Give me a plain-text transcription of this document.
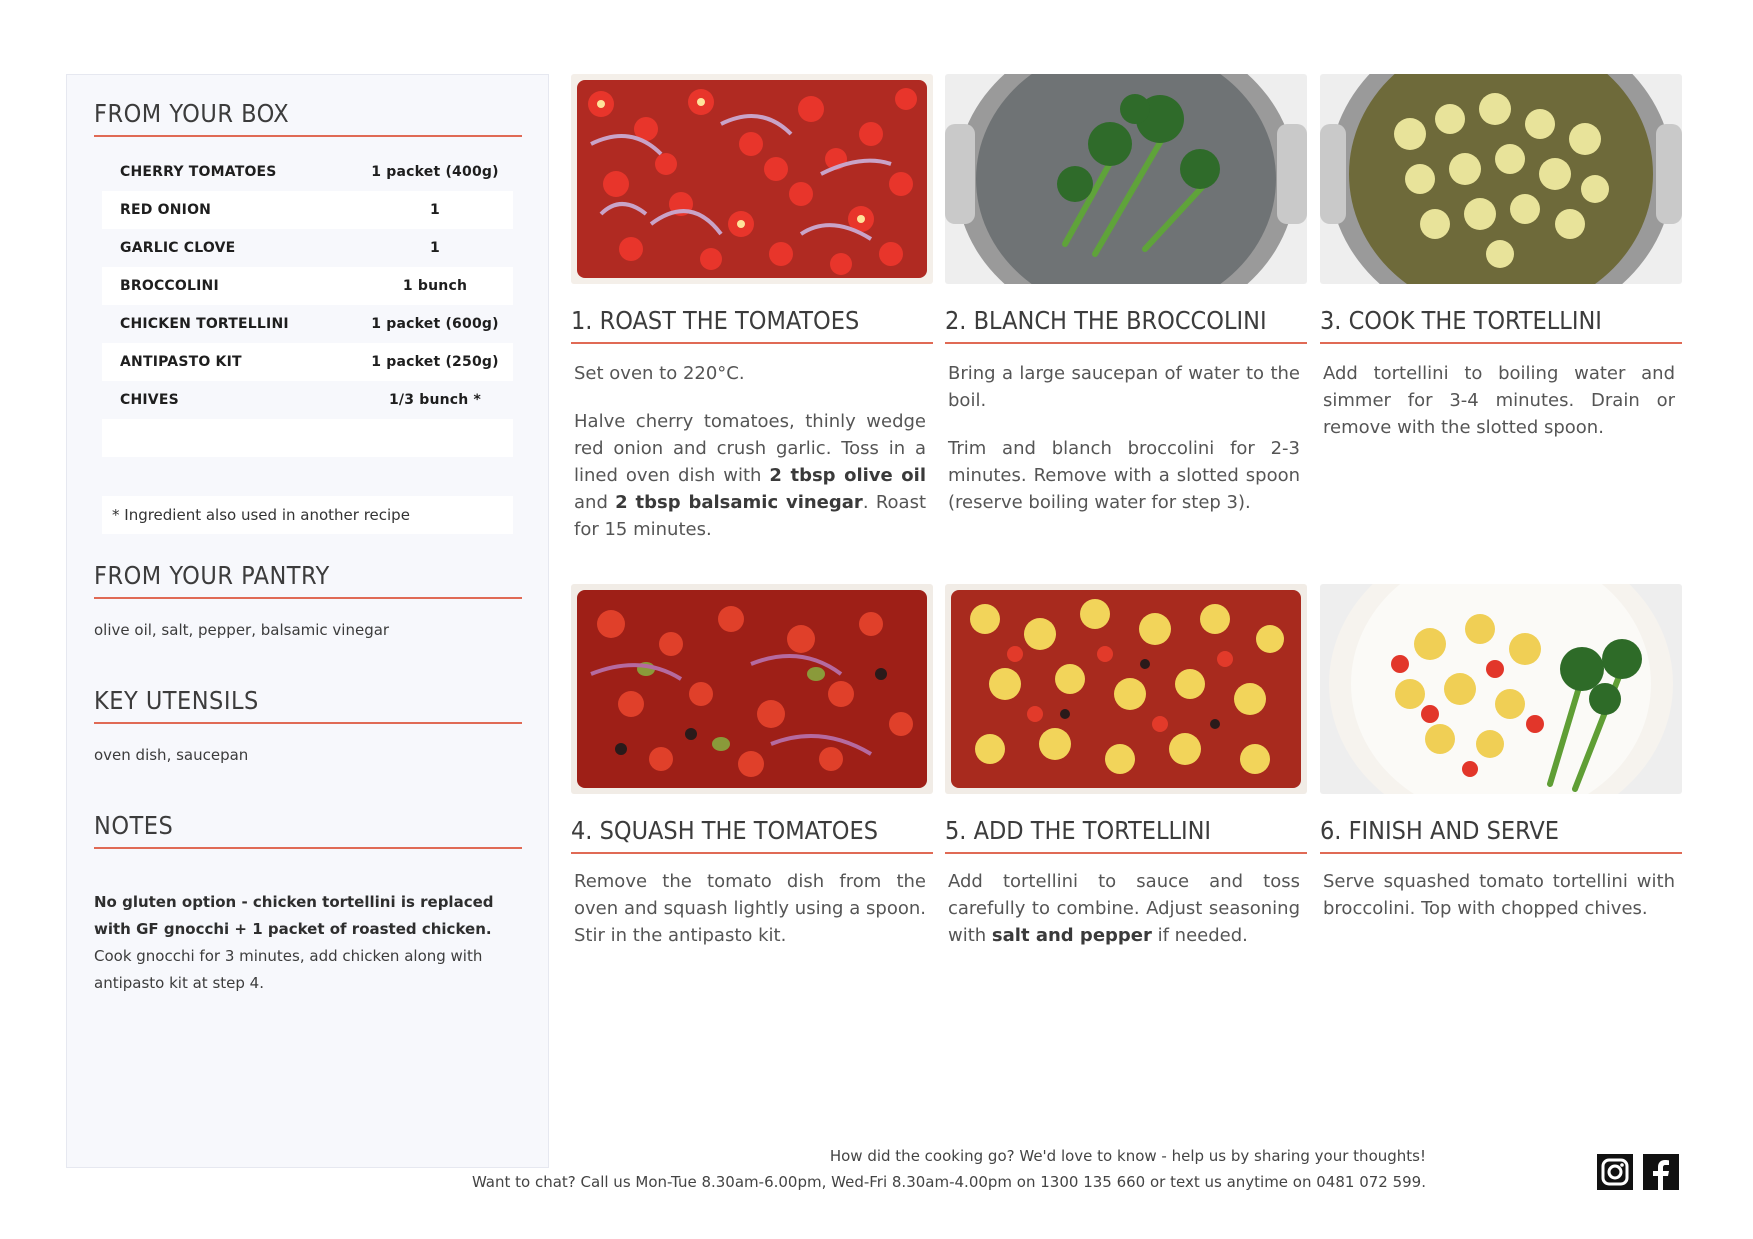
FROM YOUR BOX
CHERRY TOMATOES	1 packet (400g)
RED ONION	1
GARLIC CLOVE	1
BROCCOLINI	1 bunch
CHICKEN TORTELLINI	1 packet (600g)
ANTIPASTO KIT	1 packet (250g)
CHIVES	1/3 bunch *
* Ingredient also used in another recipe
FROM YOUR PANTRY
olive oil, salt, pepper, balsamic vinegar
KEY UTENSILS
oven dish, saucepan
NOTES
No gluten option - chicken tortellini is replaced with GF gnocchi + 1 packet of roasted chicken. Cook gnocchi for 3 minutes, add chicken along with antipasto kit at step 4.
1. ROAST THE TOMATOES

Set oven to 220°C.

Halve cherry tomatoes, thinly wedge red onion and crush garlic. Toss in a lined oven dish with 2 tbsp olive oil and 2 tbsp balsamic vinegar. Roast for 15 minutes.

2. BLANCH THE BROCCOLINI

Bring a large saucepan of water to the boil.

Trim and blanch broccolini for 2-3 minutes. Remove with a slotted spoon (reserve boiling water for step 3).

3. COOK THE TORTELLINI

Add tortellini to boiling water and simmer for 3-4 minutes. Drain or remove with the slotted spoon.

4. SQUASH THE TOMATOES

Remove the tomato dish from the oven and squash lightly using a spoon. Stir in the antipasto kit.

5. ADD THE TORTELLINI

Add tortellini to sauce and toss carefully to combine. Adjust seasoning with salt and pepper if needed.

6. FINISH AND SERVE

Serve squashed tomato tortellini with broccolini. Top with chopped chives.

How did the cooking go? We'd love to know - help us by sharing your thoughts!
Want to chat? Call us Mon-Tue 8.30am-6.00pm, Wed-Fri 8.30am-4.00pm on 1300 135 660 or text us anytime on 0481 072 599.
